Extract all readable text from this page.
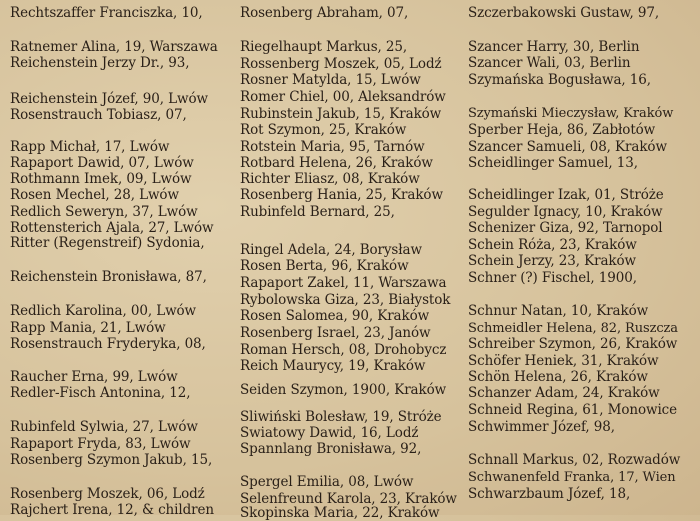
Rechtszaffer Franciszka, 10,
Ratnemer Alina, 19, Warszawa
Reichenstein Jerzy Dr., 93,
Reichenstein Józef, 90, Lwów
Rosenstrauch Tobiasz, 07,
Rapp Michał, 17, Lwów
Rapaport Dawid, 07, Lwów
Rothmann Imek, 09, Lwów
Rosen Mechel, 28, Lwów
Redlich Seweryn, 37, Lwów
Rottensterich Ajala, 27, Lwów
Ritter (Regenstreif) Sydonia,
Reichenstein Bronisława, 87,
Redlich Karolina, 00, Lwów
Rapp Mania, 21, Lwów
Rosenstrauch Fryderyka, 08,
Raucher Erna, 99, Lwów
Redler-Fisch Antonina, 12,
Rubinfeld Sylwia, 27, Lwów
Rapaport Fryda, 83, Lwów
Rosenberg Szymon Jakub, 15,
Rosenberg Moszek, 06, Lodź
Rajchert Irena, 12, & children
Rosenberg Abraham, 07,
Riegelhaupt Markus, 25,
Rossenberg Moszek, 05, Lodź
Rosner Matylda, 15, Lwów
Romer Chiel, 00, Aleksandrów
Rubinstein Jakub, 15, Kraków
Rot Szymon, 25, Kraków
Rotstein Maria, 95, Tarnów
Rotbard Helena, 26, Kraków
Richter Eliasz, 08, Kraków
Rosenberg Hania, 25, Kraków
Rubinfeld Bernard, 25,
Ringel Adela, 24, Borysław
Rosen Berta, 96, Kraków
Rapaport Zakel, 11, Warszawa
Rybolowska Giza, 23, Białystok
Rosen Salomea, 90, Kraków
Rosenberg Israel, 23, Janów
Roman Hersch, 08, Drohobycz
Reich Maurycy, 19, Kraków
Seiden Szymon, 1900, Kraków
Sliwiński Bolesław, 19, Stróże
Swiatowy Dawid, 16, Lodź
Spannlang Bronisława, 92,
Spergel Emilia, 08, Lwów
Selenfreund Karola, 23, Kraków
Skopinska Maria, 22, Kraków
Szczerbakowski Gustaw, 97,
Szancer Harry, 30, Berlin
Szancer Wali, 03, Berlin
Szymańska Bogusława, 16,
Szymański Mieczysław, Kraków
Sperber Heja, 86, Zabłotów
Szancer Samueli, 08, Kraków
Scheidlinger Samuel, 13,
Scheidlinger Izak, 01, Stróże
Segulder Ignacy, 10, Kraków
Schenizer Giza, 92, Tarnopol
Schein Róża, 23, Kraków
Schein Jerzy, 23, Kraków
Schner (?) Fischel, 1900,
Schnur Natan, 10, Kraków
Schmeidler Helena, 82, Ruszcza
Schreiber Szymon, 26, Kraków
Schöfer Heniek, 31, Kraków
Schön Helena, 26, Kraków
Schanzer Adam, 24, Kraków
Schneid Regina, 61, Monowice
Schwimmer Józef, 98,
Schnall Markus, 02, Rozwadów
Schwanenfeld Franka, 17, Wien
Schwarzbaum Józef, 18,
